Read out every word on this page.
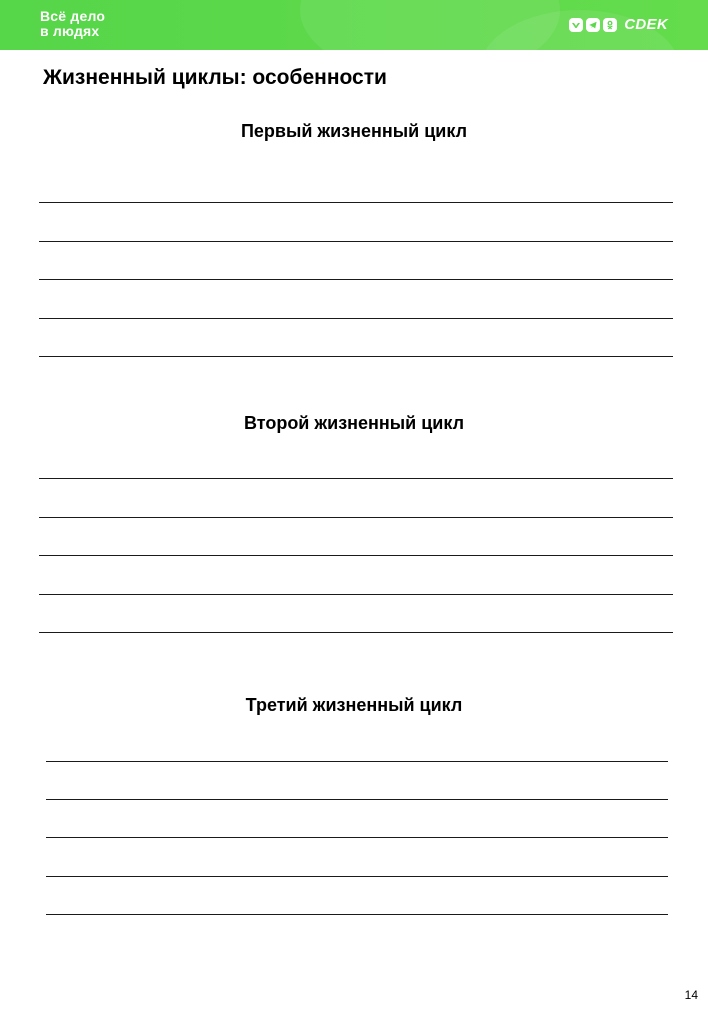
Всё дело
в людях	CDEK
Жизненный циклы: особенности
Первый жизненный цикл
Второй жизненный цикл
Третий жизненный цикл
14
